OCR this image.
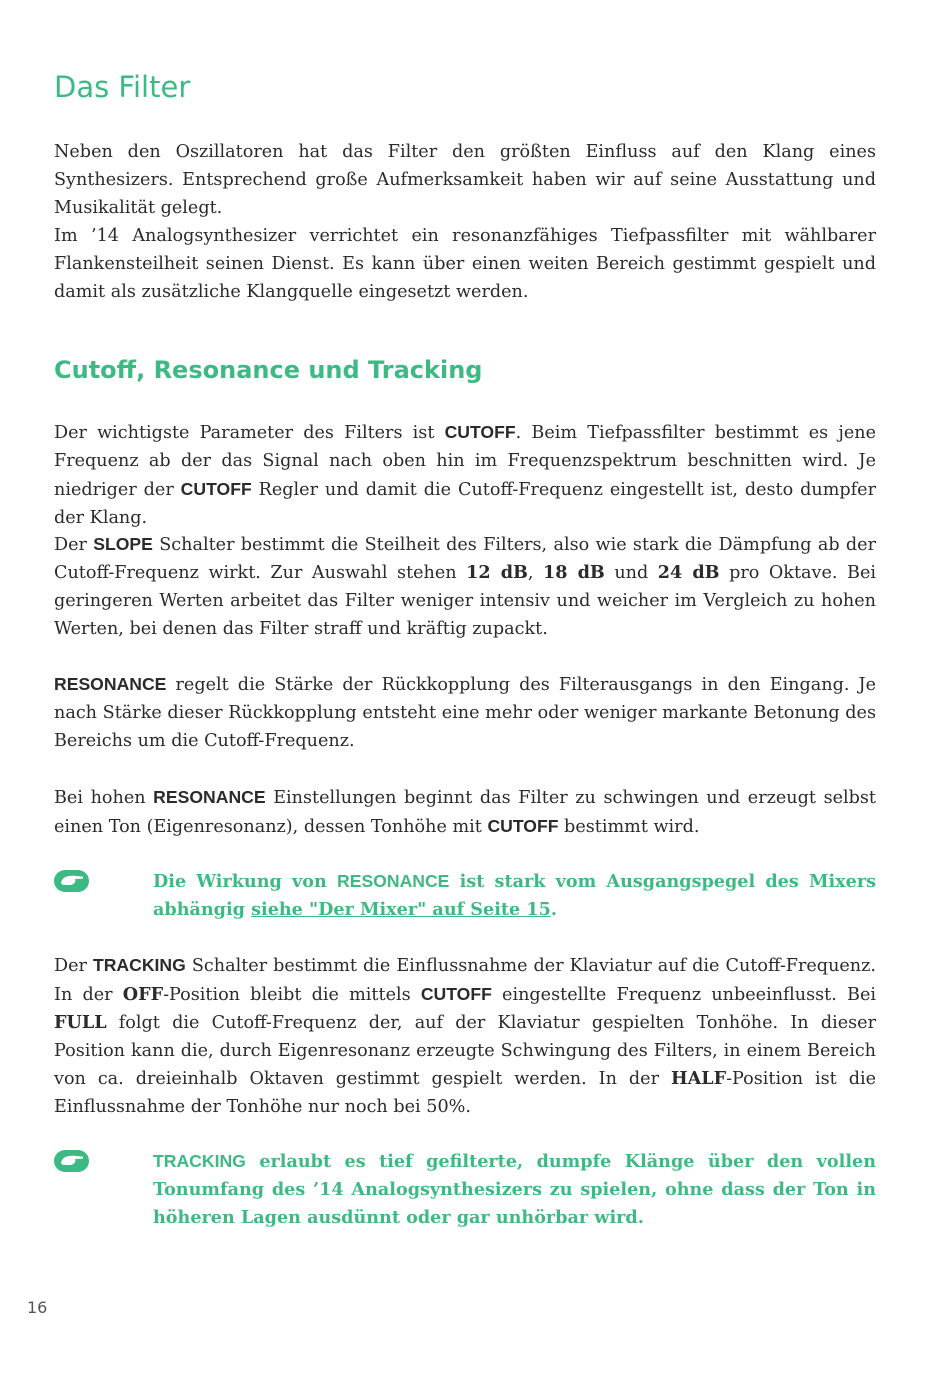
Das Filter

Neben den Oszillatoren hat das Filter den größten Einfluss auf den Klang eines Synthesizers. Entsprechend große Aufmerksamkeit haben wir auf seine Ausstattung und Musikalität gelegt.

Im ’14 Analogsynthesizer verrichtet ein resonanzfähiges Tiefpassfilter mit wählbarer Flankensteilheit seinen Dienst. Es kann über einen weiten Bereich gestimmt gespielt und damit als zusätzliche Klangquelle eingesetzt werden.

Cutoff, Resonance und Tracking

Der wichtigste Parameter des Filters ist CUTOFF. Beim Tiefpassfilter bestimmt es jene Frequenz ab der das Signal nach oben hin im Frequenzspektrum beschnitten wird. Je niedriger der CUTOFF Regler und damit die Cutoff-Frequenz eingestellt ist, desto dumpfer der Klang.

Der SLOPE Schalter bestimmt die Steilheit des Filters, also wie stark die Dämpfung ab der Cutoff-Frequenz wirkt. Zur Auswahl stehen 12 dB, 18 dB und 24 dB pro Oktave. Bei geringeren Werten arbeitet das Filter weniger intensiv und weicher im Vergleich zu hohen Werten, bei denen das Filter straff und kräftig zupackt.

RESONANCE regelt die Stärke der Rückkopplung des Filterausgangs in den Eingang. Je nach Stärke dieser Rückkopplung entsteht eine mehr oder weniger markante Betonung des Bereichs um die Cutoff-Frequenz.

Bei hohen RESONANCE Einstellungen beginnt das Filter zu schwingen und erzeugt selbst einen Ton (Eigenresonanz), dessen Tonhöhe mit CUTOFF bestimmt wird.

Die Wirkung von RESONANCE ist stark vom Ausgangspegel des Mixers abhängig siehe "Der Mixer" auf Seite 15.

Der TRACKING Schalter bestimmt die Einflussnahme der Klaviatur auf die Cutoff-Frequenz. In der OFF-Position bleibt die mittels CUTOFF eingestellte Frequenz unbeeinflusst. Bei FULL folgt die Cutoff-Frequenz der, auf der Klaviatur gespielten Tonhöhe. In dieser Position kann die, durch Eigenresonanz erzeugte Schwingung des Filters, in einem Bereich von ca. dreieinhalb Oktaven gestimmt gespielt werden. In der HALF-Position ist die Einflussnahme der Tonhöhe nur noch bei 50%.

TRACKING erlaubt es tief gefilterte, dumpfe Klänge über den vollen Tonumfang des ’14 Analogsynthesizers zu spielen, ohne dass der Ton in höheren Lagen ausdünnt oder gar unhörbar wird.

16
